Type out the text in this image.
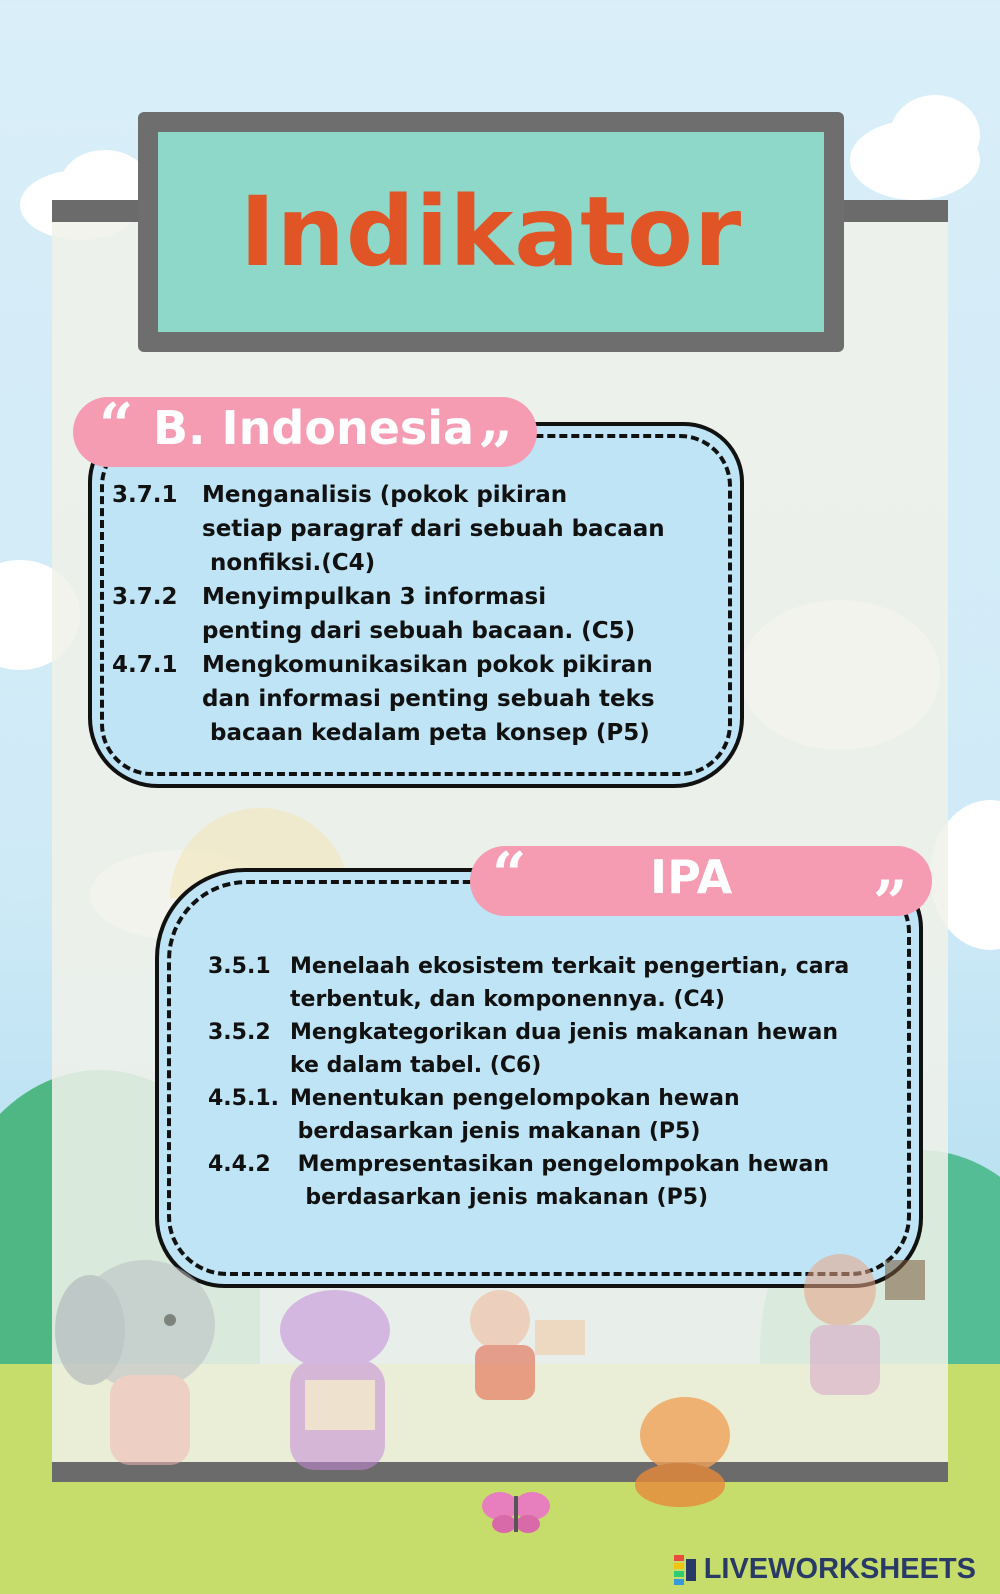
Indikator
“ B. Indonesia „
3.7.1	Menganalisis (pokok pikiran
setiap paragraf dari sebuah bacaan
nonfiksi.(C4)
3.7.2	Menyimpulkan 3 informasi
penting dari sebuah bacaan. (C5)
4.7.1	Mengkomunikasikan pokok pikiran
dan informasi penting sebuah teks
bacaan kedalam peta konsep (P5)
“	IPA „
3.5.1 Menelaah ekosistem terkait pengertian, cara
terbentuk, dan komponennya. (C4)
3.5.2 Mengkategorikan dua jenis makanan hewan
ke dalam tabel. (C6)
4.5.1. Menentukan pengelompokan hewan
berdasarkan jenis makanan (P5)
4.4.2 Mempresentasikan pengelompokan hewan
berdasarkan jenis makanan (P5)
LIVEWORKSHEETS
